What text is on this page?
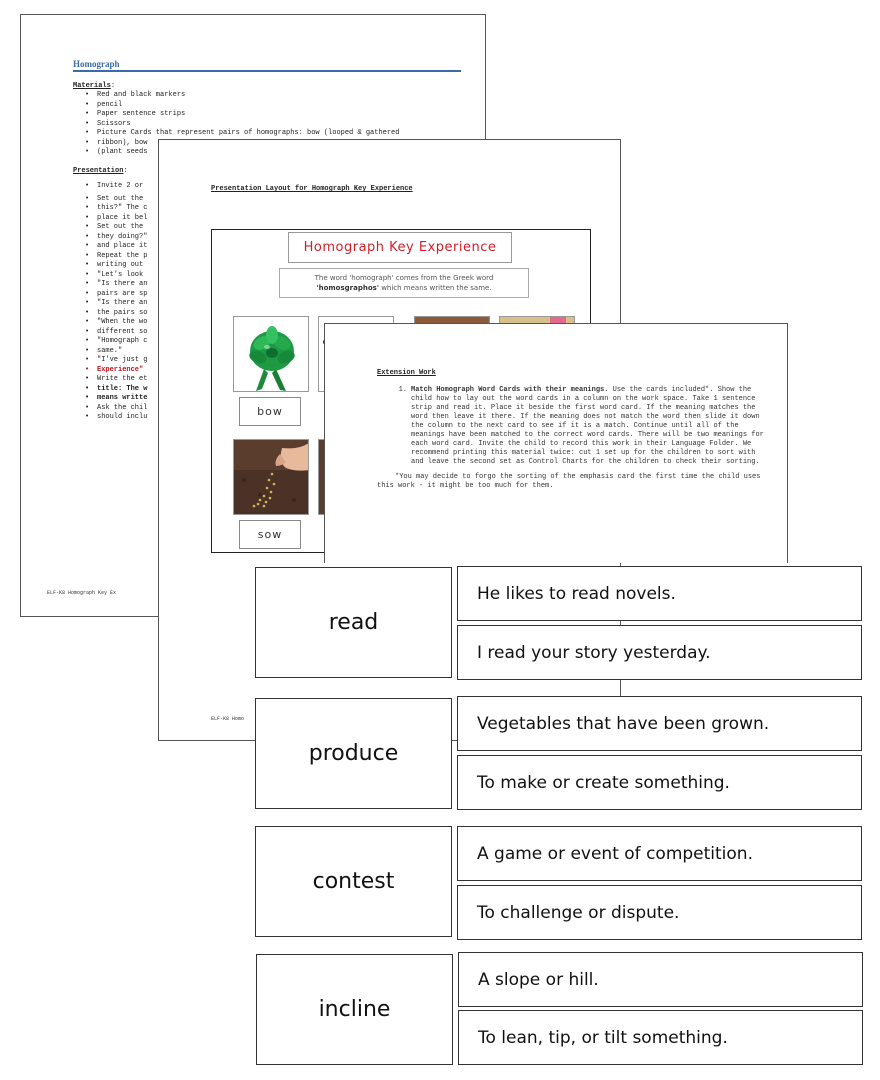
Homograph
Materials:
• Red and black markers
• pencil
• Paper sentence strips
• Scissors
• Picture Cards that represent pairs of homographs: bow (looped & gathered
• ribbon), bow
• (plant seeds
Presentation:
• Invite 2 or
• Set out the
• this?" The c
• place it bel
• Set out the
• they doing?"
• and place it
• Repeat the p
• writing out
• "Let's look
• "Is there an
• pairs are sp
• "Is there an
• the pairs so
• "When the wo
• different so
• "Homograph c
• same."
• "I've just g
• Experience"
• Write the et
• title: The w
• means writte
• Ask the chil
• should inclu
ELF-K8 Homograph Key Ex
Presentation Layout for Homograph Key Experience
Homograph Key Experience
The word 'homograph' comes from the Greek word
'homosgraphos' which means written the same.
bow
sow
ELF-K8 Homo
Extension Work
1. Match Homograph Word Cards with their meanings. Use the cards included*. Show the child how to lay out the word cards in a column on the work space. Take 1 sentence strip and read it. Place it beside the first word card. If the meaning matches the word then leave it there. If the meaning does not match the word then slide it down the column to the next card to see if it is a match. Continue until all of the meanings have been matched to the correct word cards. There will be two meanings for each word card. Invite the child to record this work in their Language Folder. We recommend printing this material twice: cut 1 set up for the children to sort with and leave the second set as Control Charts for the children to check their sorting.
*You may decide to forgo the sorting of the emphasis card the first time the child uses this work - it might be too much for them.
read
He likes to read novels.
I read your story yesterday.
produce
Vegetables that have been grown.
To make or create something.
contest
A game or event of competition.
To challenge or dispute.
incline
A slope or hill.
To lean, tip, or tilt something.
